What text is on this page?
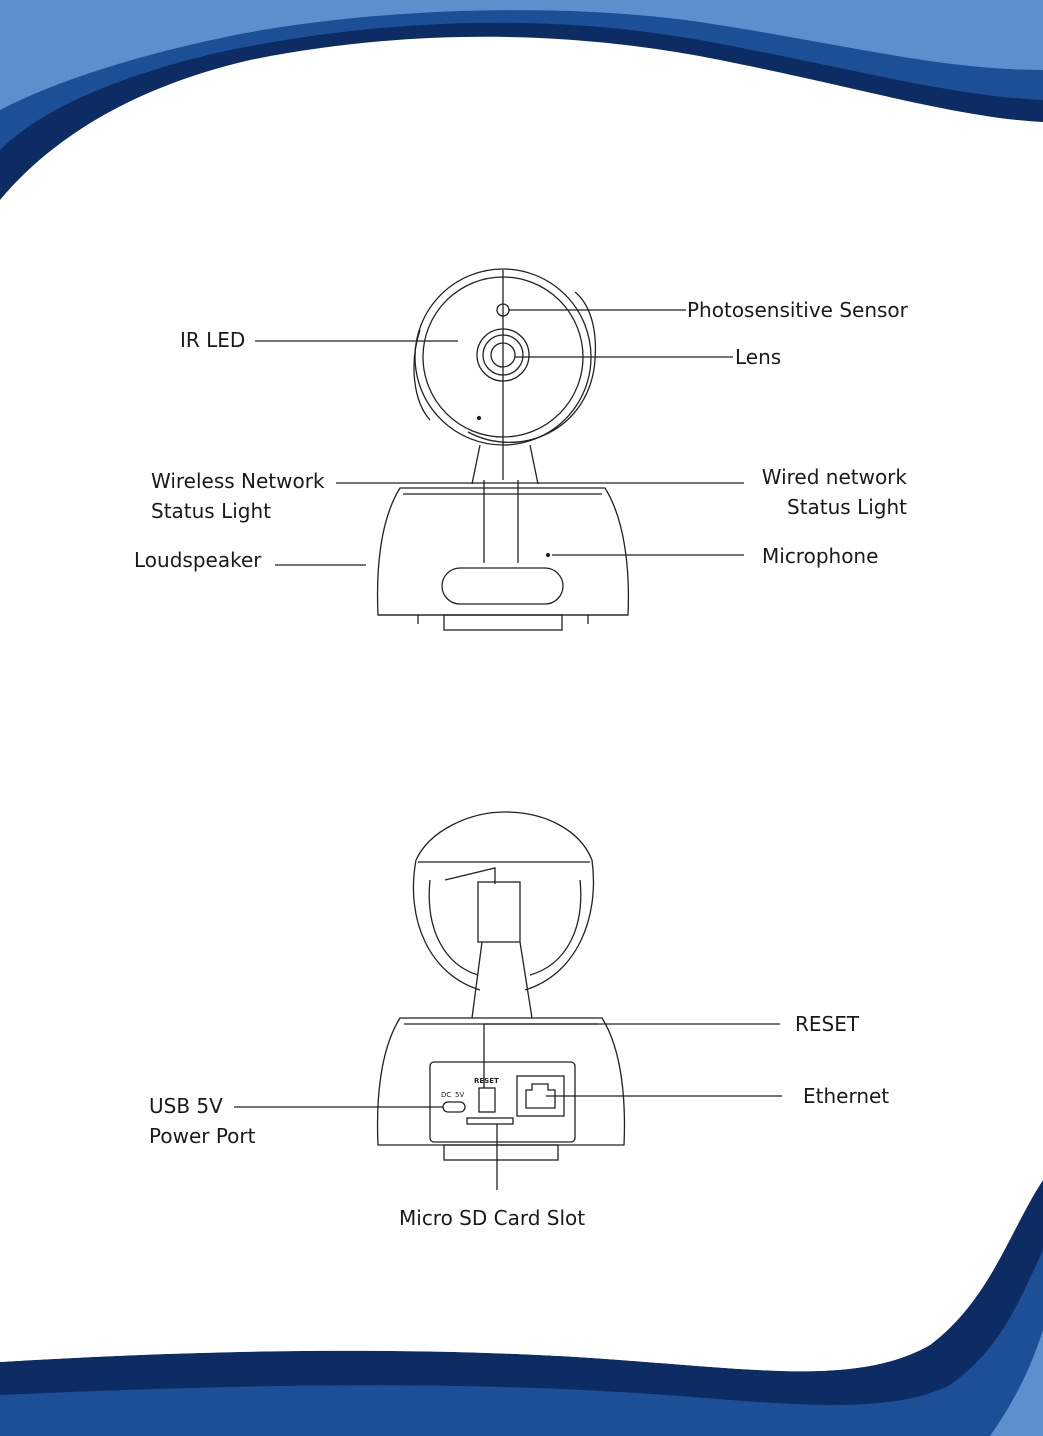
DC 5V
RESET
IR LED
Photosensitive Sensor
Lens
Wireless Network
Status Light
Wired network
Status Light
Loudspeaker	Microphone
RESET
Ethernet
USB 5V
Power Port
Micro SD Card Slot
